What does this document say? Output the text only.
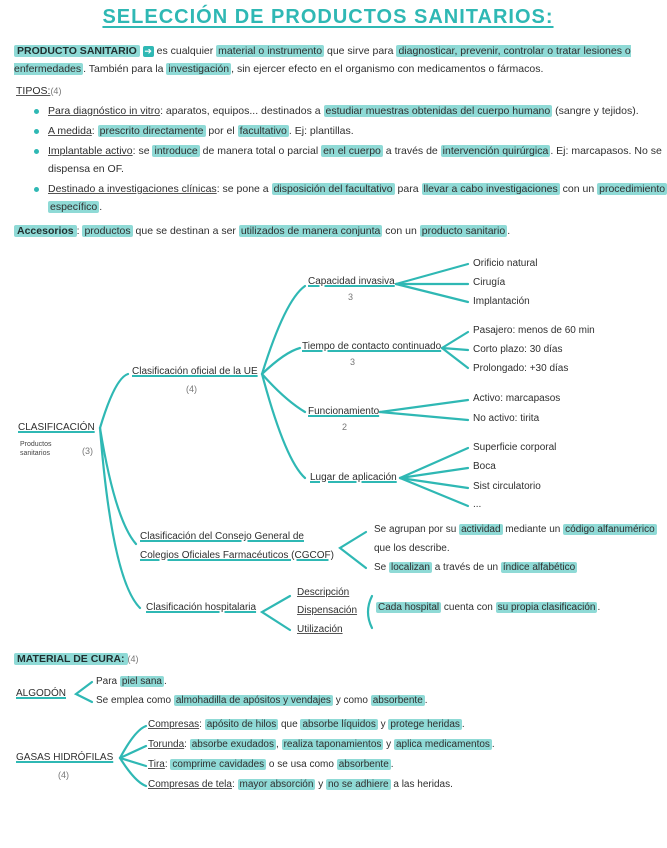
SELECCIÓN DE PRODUCTOS SANITARIOS:
PRODUCTO SANITARIO ➔ es cualquier material o instrumento que sirve para diagnosticar, prevenir, controlar o tratar lesiones o enfermedades . También para la investigación , sin ejercer efecto en el organismo con medicamentos o fármacos.
TIPOS:(4)
Para diagnóstico in vitro: aparatos, equipos... destinados a estudiar muestras obtenidas del cuerpo humano (sangre y tejidos).
A medida: prescrito directamente por el facultativo . Ej: plantillas.
Implantable activo: se introduce de manera total o parcial en el cuerpo a través de intervención quirúrgica . Ej: marcapasos. No se
dispensa en OF.
Destinado a investigaciones clínicas: se pone a disposición del facultativo para llevar a cabo investigaciones con un procedimiento
específico .
Accesorios : productos que se destinan a ser utilizados de manera conjunta con un producto sanitario .
CLASIFICACIÓN
Productos sanitarios	(3)
Clasificación oficial de la UE
(4)
Capacidad invasiva
3
Orificio natural
Cirugía
Implantación
Tiempo de contacto continuado
3
Pasajero: menos de 60 min
Corto plazo: 30 días
Prolongado: +30 días
Funcionamiento
2
Activo: marcapasos
No activo: tirita
Lugar de aplicación
Superficie corporal
Boca
Sist circulatorio
...
Clasificación del Consejo General de
Colegios Oficiales Farmacéuticos (CGCOF)
Se agrupan por su actividad mediante un código alfanumérico
que los describe.
Se localizan a través de un índice alfabético
Clasificación hospitalaria
Descripción
Dispensación
Utilización
Cada hospital cuenta con su propia clasificación .
MATERIAL DE CURA: (4)
ALGODÓN
Para piel sana .
Se emplea como almohadilla de apósitos y vendajes y como absorbente .
GASAS HIDRÓFILAS
(4)
Compresas: apósito de hilos que absorbe líquidos y protege heridas .
Torunda: absorbe exudados , realiza taponamientos y aplica medicamentos .
Tira: comprime cavidades o se usa como absorbente .
Compresas de tela: mayor absorción y no se adhiere a las heridas.
